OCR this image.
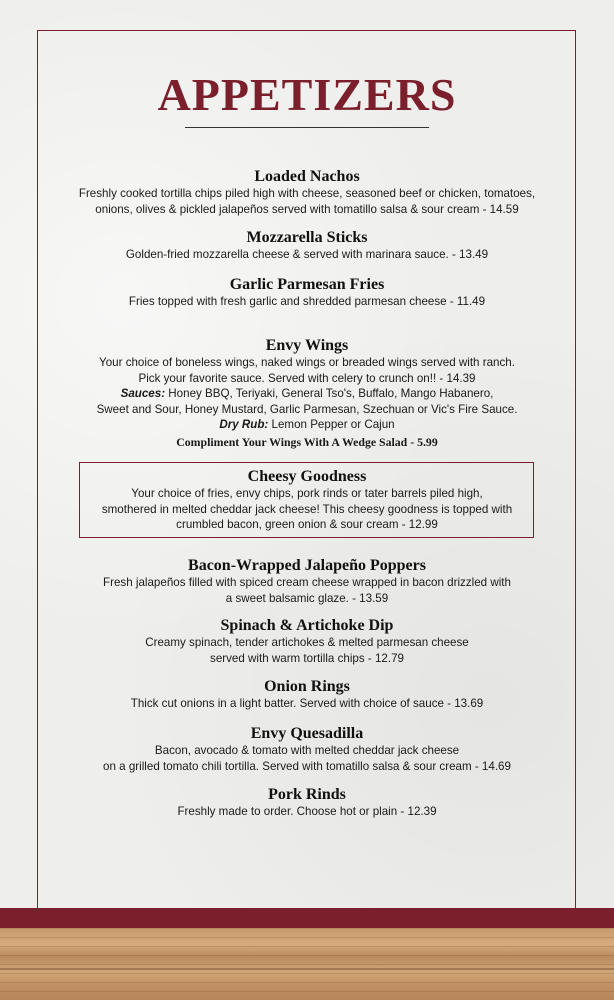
APPETIZERS
Loaded Nachos

Freshly cooked tortilla chips piled high with cheese, seasoned beef or chicken, tomatoes,

onions, olives & pickled jalapeños served with tomatillo salsa & sour cream - 14.59

Mozzarella Sticks

Golden-fried mozzarella cheese & served with marinara sauce. - 13.49

Garlic Parmesan Fries

Fries topped with fresh garlic and shredded parmesan cheese - 11.49

Envy Wings

Your choice of boneless wings, naked wings or breaded wings served with ranch.

Pick your favorite sauce. Served with celery to crunch on!! - 14.39

Sauces: Honey BBQ, Teriyaki, General Tso's, Buffalo, Mango Habanero,

Sweet and Sour, Honey Mustard, Garlic Parmesan, Szechuan or Vic's Fire Sauce.

Dry Rub: Lemon Pepper or Cajun

Compliment Your Wings With A Wedge Salad - 5.99

Cheesy Goodness

Your choice of fries, envy chips, pork rinds or tater barrels piled high,

smothered in melted cheddar jack cheese! This cheesy goodness is topped with

crumbled bacon, green onion & sour cream - 12.99

Bacon-Wrapped Jalapeño Poppers

Fresh jalapeños filled with spiced cream cheese wrapped in bacon drizzled with

a sweet balsamic glaze. - 13.59

Spinach & Artichoke Dip

Creamy spinach, tender artichokes & melted parmesan cheese

served with warm tortilla chips - 12.79

Onion Rings

Thick cut onions in a light batter. Served with choice of sauce - 13.69

Envy Quesadilla

Bacon, avocado & tomato with melted cheddar jack cheese

on a grilled tomato chili tortilla. Served with tomatillo salsa & sour cream - 14.69

Pork Rinds

Freshly made to order. Choose hot or plain - 12.39
